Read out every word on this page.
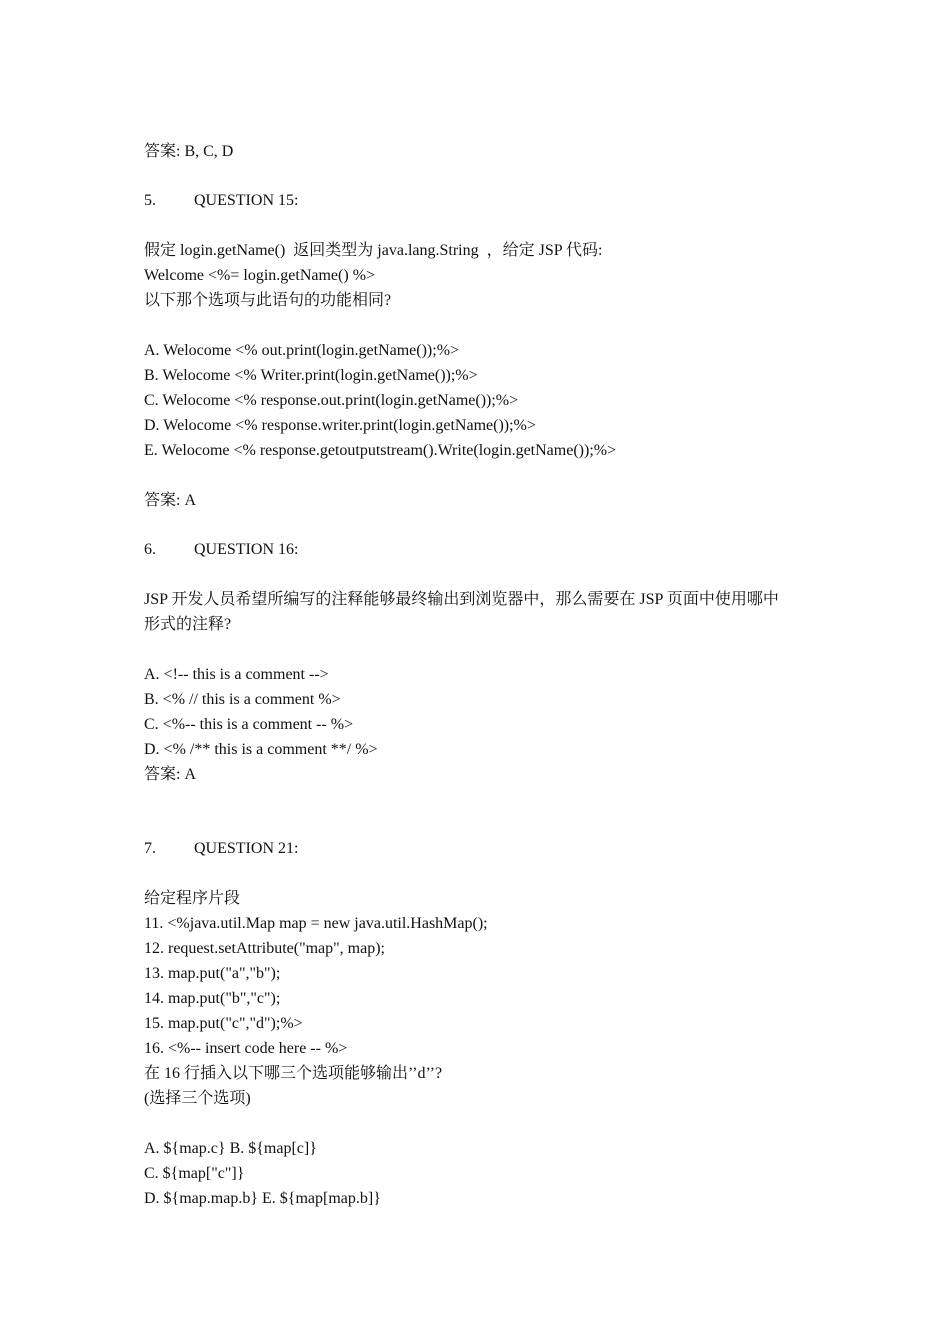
答案: B, C, D
5. QUESTION 15:
假定 login.getName()  返回类型为 java.lang.String  ，给定 JSP 代码:
Welcome <%= login.getName() %>
以下那个选项与此语句的功能相同?
A. Welocome <% out.print(login.getName());%>
B. Welocome <% Writer.print(login.getName());%>
C. Welocome <% response.out.print(login.getName());%>
D. Welocome <% response.writer.print(login.getName());%>
E. Welocome <% response.getoutputstream().Write(login.getName());%>
答案: A
6. QUESTION 16:
JSP 开发人员希望所编写的注释能够最终输出到浏览器中，那么需要在 JSP 页面中使用哪中
形式的注释?
A. <!-- this is a comment -->
B. <% // this is a comment %>
C. <%-- this is a comment -- %>
D. <% /** this is a comment **/ %>
答案: A
7. QUESTION 21:
给定程序片段
11. <%java.util.Map map = new java.util.HashMap();
12. request.setAttribute("map", map);
13. map.put("a","b");
14. map.put("b","c");
15. map.put("c","d");%>
16. <%-- insert code here -- %>
在 16 行插入以下哪三个选项能够输出’’d’’?
(选择三个选项)
A. ${map.c} B. ${map[c]}
C. ${map["c"]}
D. ${map.map.b} E. ${map[map.b]}
